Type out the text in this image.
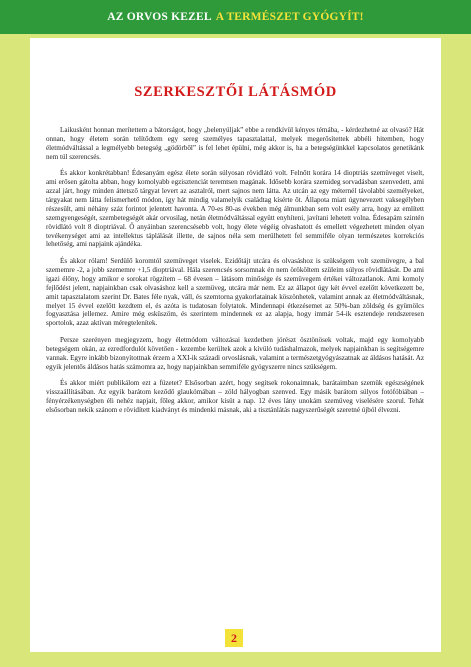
AZ ORVOS KEZEL A TERMÉSZET GYÓGYÍT!
SZERKESZTŐI LÁTÁSMÓD

Laikusként honnan merítettem a bátorságot, hogy „belenyúljak” ebbe a rendkívül kényes témába, - kérdezhetné az olvasó? Hát onnan, hogy életem során telítődtem egy sereg személyes tapasztalattal, melyek megerősítettek abbéli hitemben, hogy életmódváltással a legmélyebb betegség „gödörből” is fel lehet épülni, még akkor is, ha a betegségünkkel kapcsolatos genetikánk nem túl szerencsés.

És akkor konkrétabban! Édesanyám egész élete során súlyosan rövidlátó volt. Felnőtt korára 14 dioptriás szemüveget viselt, ami erősen gátolta abban, hogy komolyabb egzisztenciát teremtsen magának. Idősebb korára szemideg sorvadásban szenvedett, ami azzal járt, hogy minden áttetsző tárgyat levert az asztalról, mert sajnos nem látta. Az utcán az egy méternél távolabbi személyeket, tárgyakat nem látta felismerhető módon, így hát mindig valamelyik családtag kísérte őt. Állapota miatt úgynevezett vaksegélyben részesült, ami néhány száz forintot jelentett havonta. A 70-es 80-as években még álmunkban sem volt esély arra, hogy az említett szemgyengeségét, szembetegségét akár orvosilag, netán életmódváltással együtt enyhíteni, javítani lehetett volna. Édesapám szintén rövidlátó volt 8 dioptriával. Ő anyáinban szerencsésebb volt, hogy élete végéig olvashatott és emellett végezhetett minden olyan tevékenységet ami az intellektus táplálását illette, de sajnos néla sem merülhetett fel semmiféle olyan természetes korrekciós lehetőség, ami napjaink ajándéka.

És akkor rólam! Serdülő koromtól szemüveget viselek. Ezidőtájt utcára és olvasáshoz is szükségem volt szemüvegre, a bal szememre -2, a jobb szememre +1,5 dioptriával. Hála szerencsés sorsomnak én nem örököltem szüleim súlyos rövidlátását. De ami igazi élőny, hogy amikor e sorokat rögzítem – 68 évesen – látásom minősége és szemüvegem értékei változatlanok. Ami komoly fejlődést jelent, napjainkban csak olvasáshoz kell a szemüveg, utcára már nem. Ez az állapot úgy két évvel ezelőtt következett be, amit tapasztalatom szerint Dr. Bates féle nyak, váll, és szemtorna gyakorlatainak köszönhetek, valamint annak az életmódváltásnak, melyet 15 évvel ezelőtt kezdtem el, és azóta is tudatosan folytatok. Mindennapi étkezésemet az 50%-ban zöldség és gyümölcs fogyasztása jellemez. Amire még esküszöm, és szerintem mindennek ez az alapja, hogy immár 54-ik esztendeje rendszeresen sportolok, azaz aktívan méregtelenítek.

Persze szerényen megjegyzem, hogy életmódom változásai kezdetben jórészt ösztönösek voltak, majd egy komolyabb betegségem okán, az ezredfordulót követően - kezembe kerültek azok a kívüló tudáshalmazok, melyek napjainkban is segítségemre vannak. Egyre inkább bizonyítottnak érzem a XXI-ik századi orvoslásnak, valamint a természetgyógyászatnak az áldásos hatását. Az egyik jelentős áldásos hatás számomra az, hogy napjainkban semmiféle gyógyszerre nincs szükségem.

És akkor miért publikálom ezt a füzetet? Elsősorban azért, hogy segítsek rokonaimnak, barátaimban szemük egészségének visszaállításában. Az egyik barátom keződő glaukómában – zöld hályogban szenved. Egy másik barátom súlyos fotófóbiában – fényérzékenységben éli nehéz napjait, főleg akkor, amikor kisüt a nap. 12 éves lány unokám szemüveg viselésére szorul. Tehát elsősorban nekik szánom e rövidített kiadványt és mindenki másnak, aki a tisztánlátás nagyszerűségét szeretné újból élvezni.

2
